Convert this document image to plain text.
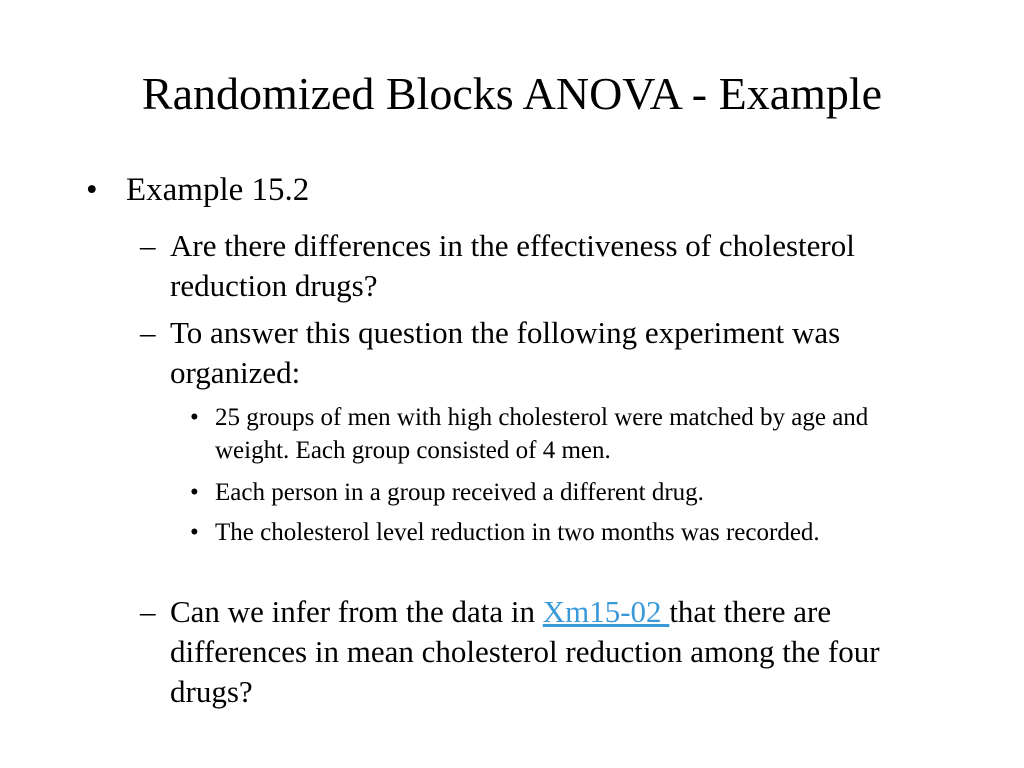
Randomized Blocks ANOVA - Example
• Example 15.2
– Are there differences in the effectiveness of cholesterol reduction drugs?
– To answer this question the following experiment was organized:
• 25 groups of men with high cholesterol were matched by age and weight. Each group consisted of 4 men.
• Each person in a group received a different drug.
• The cholesterol level reduction in two months was recorded.
– Can we infer from the data in Xm15-02 that there are differences in mean cholesterol reduction among the four drugs?
